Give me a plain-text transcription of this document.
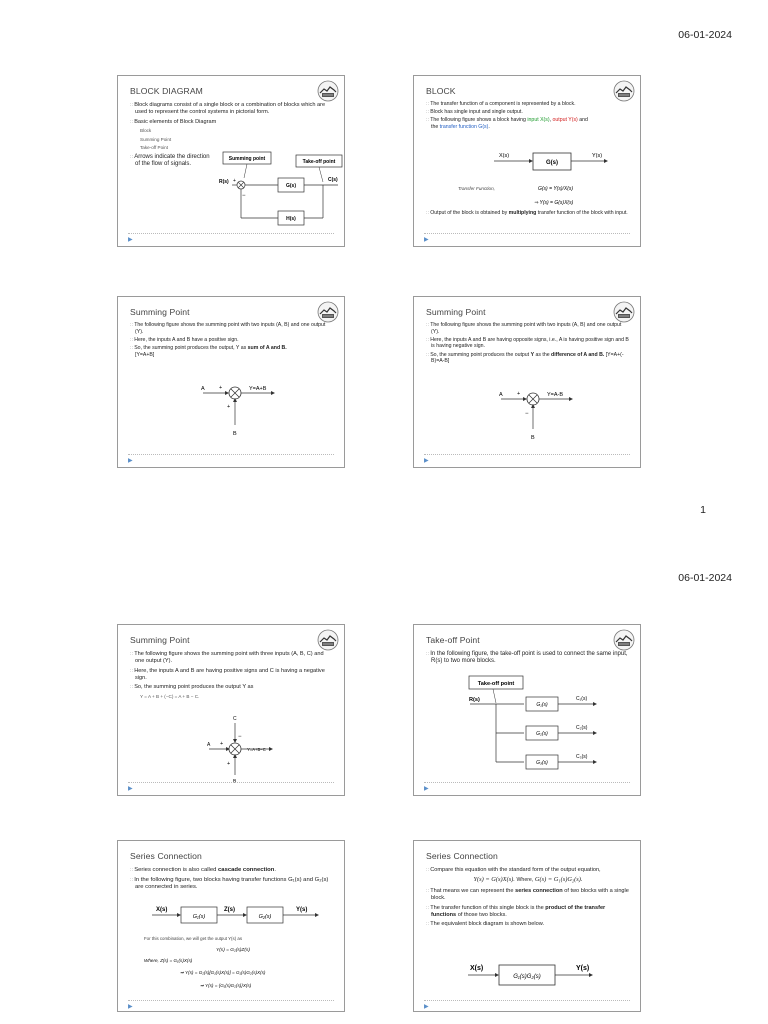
06-01-2024
1
06-01-2024
BLOCK DIAGRAM

∷ Block diagrams consist of a single block or a combination of blocks which are used to represent the control systems in pictorial form.

∷ Basic elements of Block Diagram

Block
Summing Point
Take-off Point

∷ Arrows indicate the direction of the flow of signals.

Summing point	Take-off point
R(s) +
−
G(s)
C(s)
H(s)
▶
BLOCK

∷ The transfer function of a component is represented by a block.

∷ Block has single input and single output.

∷ The following figure shows a block having input X(s), output Y(s) and
the transfer function G(s).

X(s)
G(s)
Y(s)
Transfer Function,	G(s) = Y(s)/X(s)
⇒ Y(s) = G(s)X(s)

∷ Output of the block is obtained by multiplying transfer function of the block with input.

▶
Summing Point

∷ The following figure shows the summing point with two inputs (A, B) and one output (Y).

∷ Here, the inputs A and B have a positive sign.

∷ So, the summing point produces the output, Y as sum of A and B.
[Y=A+B]

A	+	Y=A+B
+
B
▶
Summing Point

∷ The following figure shows the summing point with two inputs (A, B) and one output (Y).

∷ Here, the inputs A and B are having opposite signs, i.e., A is having positive sign and B is having negative sign.

∷ So, the summing point produces the output Y as the difference of A and B. [Y=A+(-B)=A-B]

A	+	Y=A-B
−
B
▶
Summing Point

∷ The following figure shows the summing point with three inputs (A, B, C) and one output (Y).

∷ Here, the inputs A and B are having positive signs and C is having a negative sign.

∷ So, the summing point produces the output Y as

Y = A + B + (−C) = A + B − C.
C
−
A +
Y=A+B−C
+
B
▶
Take-off Point

∷ In the following figure, the take-off point is used to connect the same input, R(s) to two more blocks.

Take-off point
R(s)
G₁(s)
G₂(s)
G₃(s)
C₁(s)
C₂(s)
C₃(s)
▶
Series Connection

∷ Series connection is also called cascade connection.

∷ In the following figure, two blocks having transfer functions G₁(s) and G₂(s) are connected in series.

X(s)
G₁(s)
Z(s)
G₂(s)
Y(s)
For this combination, we will get the output Y(s) as
Y(s) = G₂(s)Z(s)
Where, Z(s) = G₁(s)X(s)
⇒ Y(s) = G₂(s)[G₁(s)X(s)] = G₁(s)G₂(s)X(s)
⇒ Y(s) = {G₁(s)G₂(s)}X(s)
▶
Series Connection

∷ Compare this equation with the standard form of the output equation,

Y(s) = G(s)X(s). Where, G(s) = G₁(s)G₂(s).

∷ That means we can represent the series connection of two blocks with a single block.

∷ The transfer function of this single block is the product of the transfer functions of those two blocks.

∷ The equivalent block diagram is shown below.

X(s)
G₁(s)G₂(s)
Y(s)
▶
